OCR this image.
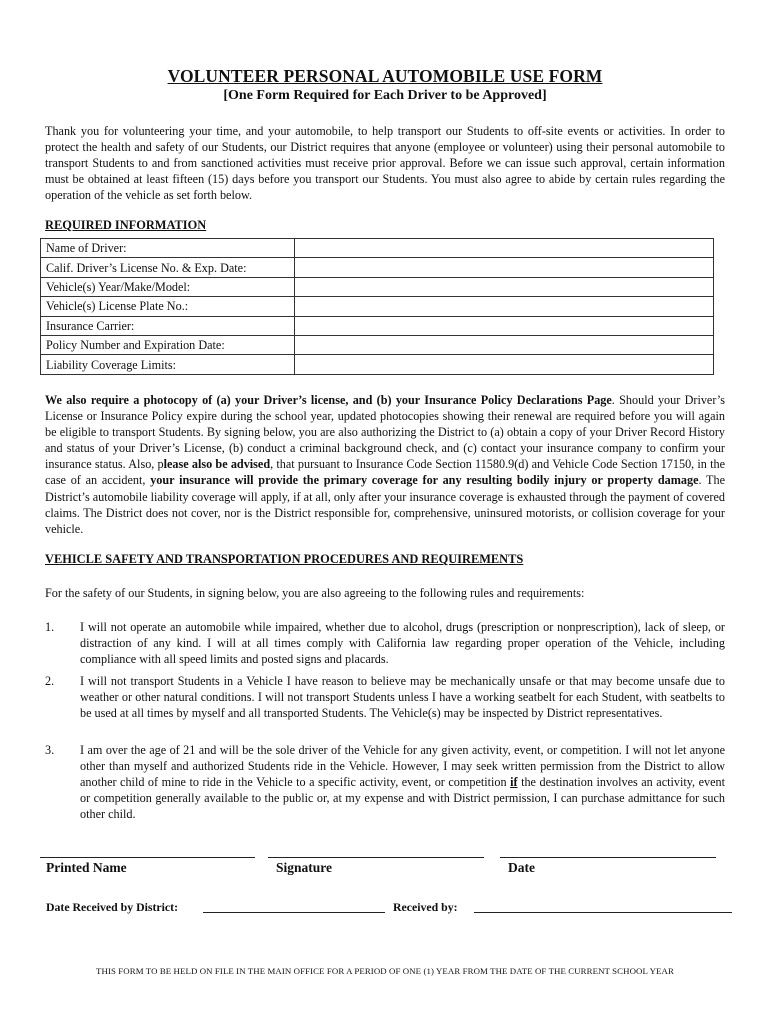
VOLUNTEER PERSONAL AUTOMOBILE USE FORM
[One Form Required for Each Driver to be Approved]

Thank you for volunteering your time, and your automobile, to help transport our Students to off-site events or activities. In order to protect the health and safety of our Students, our District requires that anyone (employee or volunteer) using their personal automobile to transport Students to and from sanctioned activities must receive prior approval. Before we can issue such approval, certain information must be obtained at least fifteen (15) days before you transport our Students. You must also agree to abide by certain rules regarding the operation of the vehicle as set forth below.

REQUIRED INFORMATION
Name of Driver:	
Calif. Driver’s License No. & Exp. Date:	
Vehicle(s) Year/Make/Model:	
Vehicle(s) License Plate No.:	
Insurance Carrier:	
Policy Number and Expiration Date:	
Liability Coverage Limits:	

We also require a photocopy of (a) your Driver’s license, and (b) your Insurance Policy Declarations Page. Should your Driver’s License or Insurance Policy expire during the school year, updated photocopies showing their renewal are required before you will again be eligible to transport Students. By signing below, you are also authorizing the District to (a) obtain a copy of your Driver Record History and status of your Driver’s License, (b) conduct a criminal background check, and (c) contact your insurance company to confirm your insurance status. Also, please also be advised, that pursuant to Insurance Code Section 11580.9(d) and Vehicle Code Section 17150, in the case of an accident, your insurance will provide the primary coverage for any resulting bodily injury or property damage. The District’s automobile liability coverage will apply, if at all, only after your insurance coverage is exhausted through the payment of covered claims. The District does not cover, nor is the District responsible for, comprehensive, uninsured motorists, or collision coverage for your vehicle.

VEHICLE SAFETY AND TRANSPORTATION PROCEDURES AND REQUIREMENTS

For the safety of our Students, in signing below, you are also agreeing to the following rules and requirements:

1.	I will not operate an automobile while impaired, whether due to alcohol, drugs (prescription or nonprescription), lack of sleep, or distraction of any kind. I will at all times comply with California law regarding proper operation of the Vehicle, including compliance with all speed limits and posted signs and placards.
2.	I will not transport Students in a Vehicle I have reason to believe may be mechanically unsafe or that may become unsafe due to weather or other natural conditions. I will not transport Students unless I have a working seatbelt for each Student, with seatbelts to be used at all times by myself and all transported Students. The Vehicle(s) may be inspected by District representatives.
3.	I am over the age of 21 and will be the sole driver of the Vehicle for any given activity, event, or competition. I will not let anyone other than myself and authorized Students ride in the Vehicle. However, I may seek written permission from the District to allow another child of mine to ride in the Vehicle to a specific activity, event, or competition if the destination involves an activity, event or competition generally available to the public or, at my expense and with District permission, I can purchase admittance for such other child.
Printed Name	Signature	Date
Date Received by District:	Received by:
THIS FORM TO BE HELD ON FILE IN THE MAIN OFFICE FOR A PERIOD OF ONE (1) YEAR FROM THE DATE OF THE CURRENT SCHOOL YEAR
